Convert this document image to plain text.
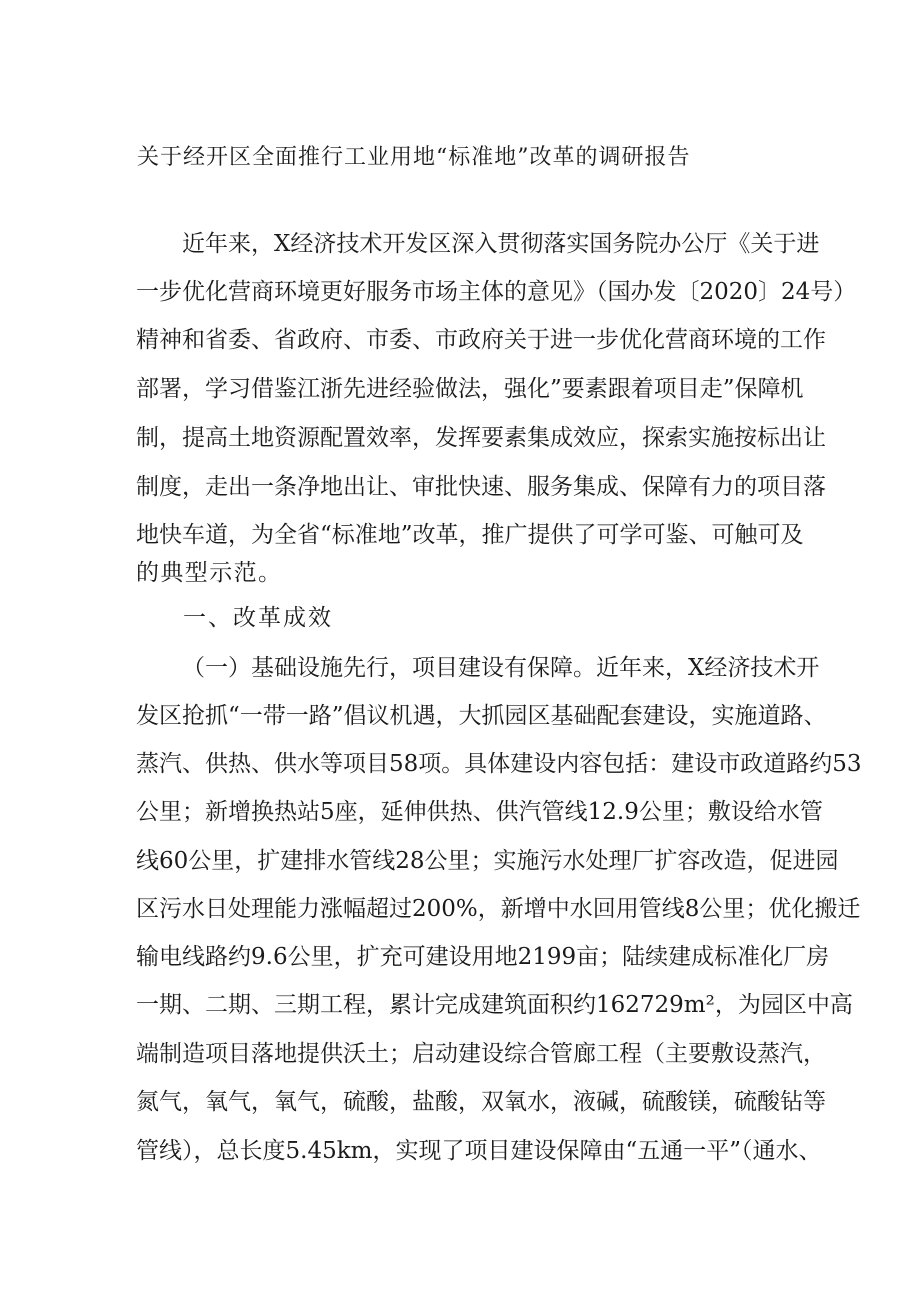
关于经开区全面推行工业用地“标准地”改革的调研报告
近年来，X经济技术开发区深入贯彻落实国务院办公厅《关于进
一步优化营商环境更好服务市场主体的意见》（国办发〔2020〕24号）
精神和省委、省政府、市委、市政府关于进一步优化营商环境的工作
部署，学习借鉴江浙先进经验做法，强化”要素跟着项目走”保障机
制，提高土地资源配置效率，发挥要素集成效应，探索实施按标出让
制度，走出一条净地出让、审批快速、服务集成、保障有力的项目落
地快车道，为全省“标准地”改革，推广提供了可学可鉴、可触可及
的典型示范。
一、改革成效
（一）基础设施先行，项目建设有保障。近年来，X经济技术开
发区抢抓“一带一路”倡议机遇，大抓园区基础配套建设，实施道路、
蒸汽、供热、供水等项目58项。具体建设内容包括：建设市政道路约53
公里；新增换热站5座，延伸供热、供汽管线12.9公里；敷设给水管
线60公里，扩建排水管线28公里；实施污水处理厂扩容改造，促进园
区污水日处理能力涨幅超过200%，新增中水回用管线8公里；优化搬迁
输电线路约9.6公里，扩充可建设用地2199亩；陆续建成标准化厂房
一期、二期、三期工程，累计完成建筑面积约162729m²，为园区中高
端制造项目落地提供沃土；启动建设综合管廊工程（主要敷设蒸汽，
氮气，氧气，氧气，硫酸，盐酸，双氧水，液碱，硫酸镁，硫酸钻等
管线），总长度5.45km，实现了项目建设保障由“五通一平”（通水、
